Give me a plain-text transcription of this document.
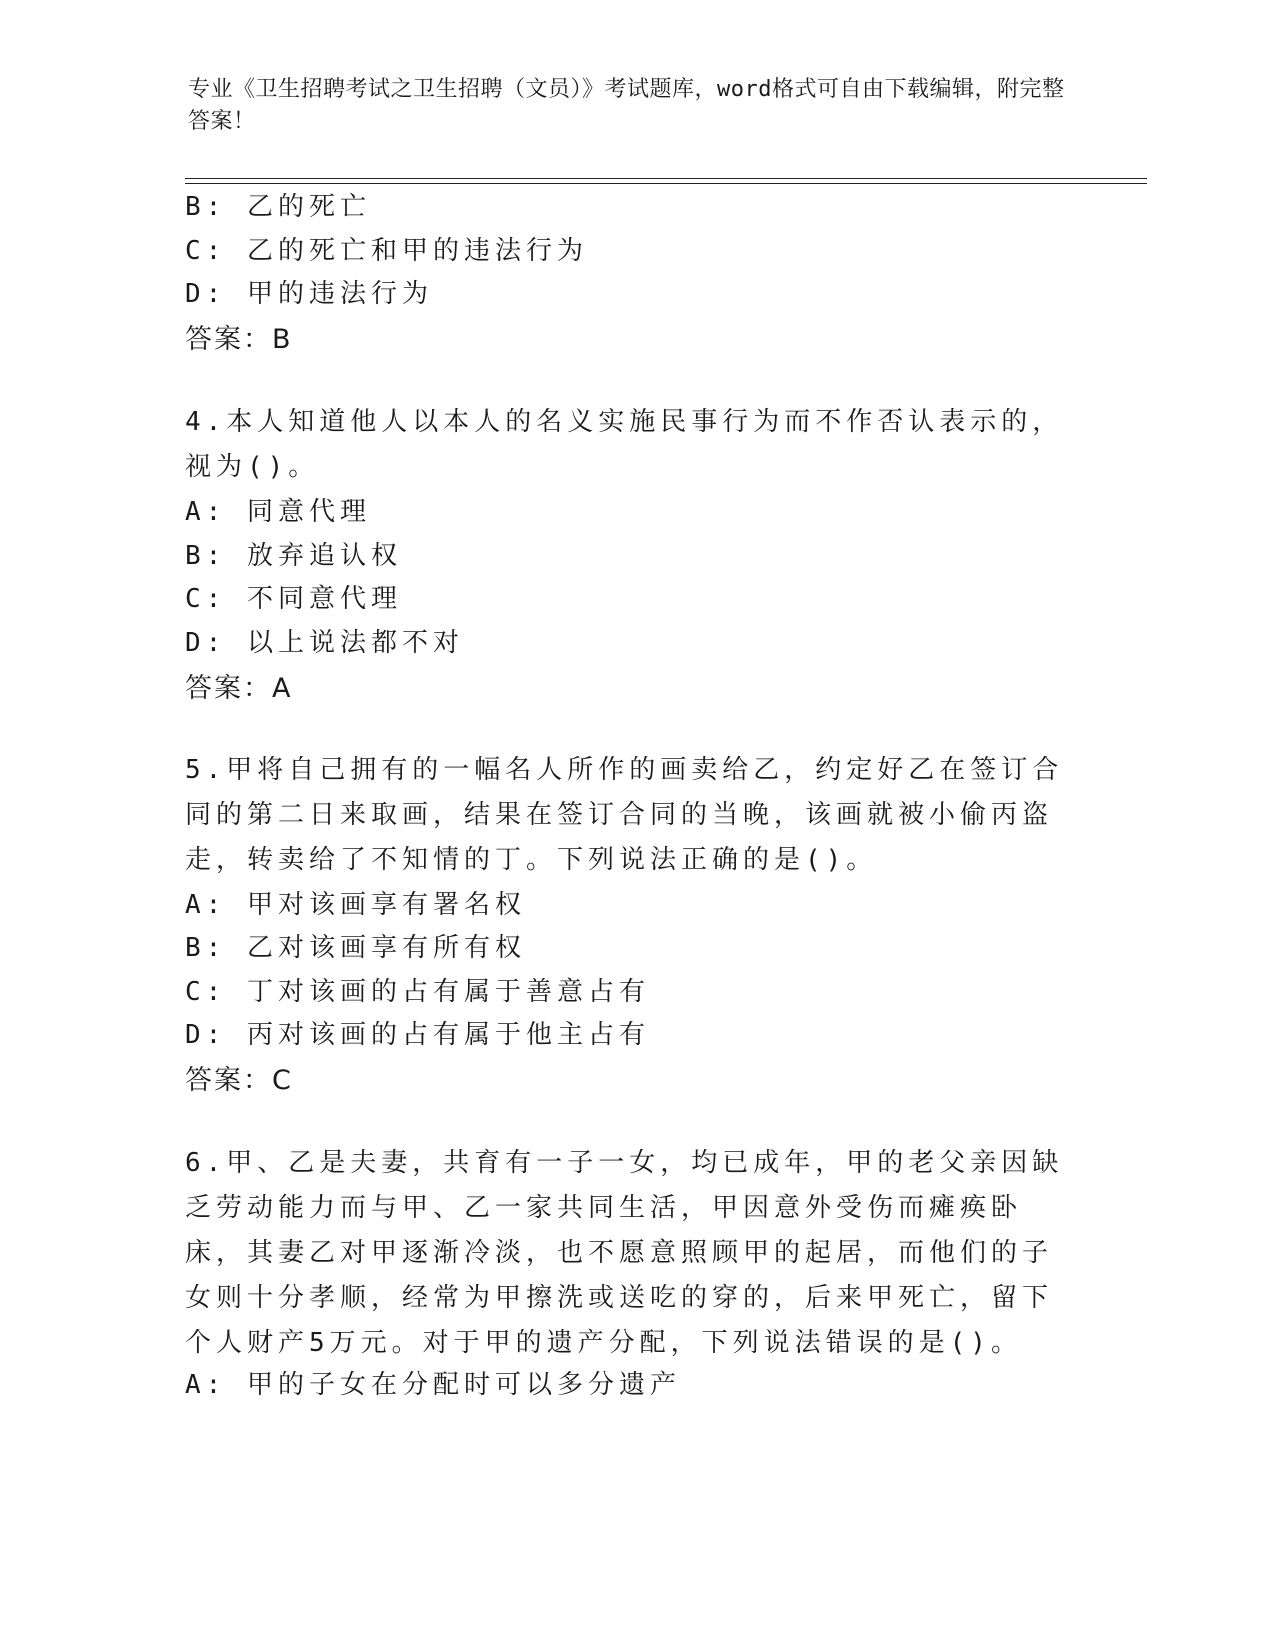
专业《卫生招聘考试之卫生招聘（文员）》考试题库，word格式可自由下载编辑，附完整答案！
B: 乙的死亡
C: 乙的死亡和甲的违法行为
D: 甲的违法行为
答案：B
4.本人知道他人以本人的名义实施民事行为而不作否认表示的，视为()。
A: 同意代理
B: 放弃追认权
C: 不同意代理
D: 以上说法都不对
答案：A
5.甲将自己拥有的一幅名人所作的画卖给乙，约定好乙在签订合同的第二日来取画，结果在签订合同的当晚，该画就被小偷丙盗走，转卖给了不知情的丁。下列说法正确的是()。
A: 甲对该画享有署名权
B: 乙对该画享有所有权
C: 丁对该画的占有属于善意占有
D: 丙对该画的占有属于他主占有
答案：C
6.甲、乙是夫妻，共育有一子一女，均已成年，甲的老父亲因缺乏劳动能力而与甲、乙一家共同生活，甲因意外受伤而瘫痪卧床，其妻乙对甲逐渐冷淡，也不愿意照顾甲的起居，而他们的子女则十分孝顺，经常为甲擦洗或送吃的穿的，后来甲死亡，留下个人财产5万元。对于甲的遗产分配，下列说法错误的是()。
A: 甲的子女在分配时可以多分遗产
